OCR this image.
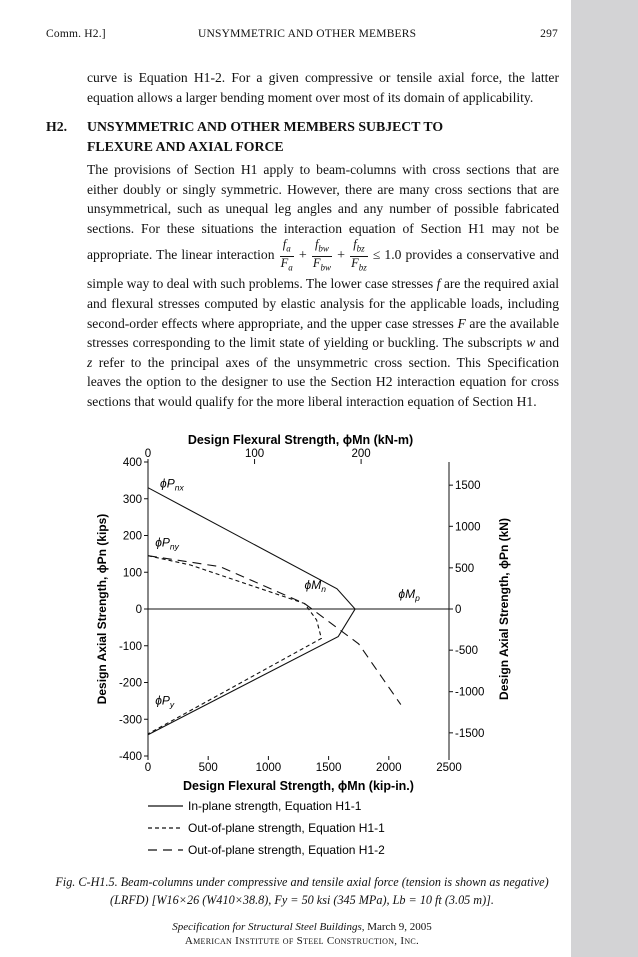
Comm. H2.]	UNSYMMETRIC AND OTHER MEMBERS	297

curve is Equation H1-2. For a given compressive or tensile axial force, the latter equation allows a larger bending moment over most of its domain of applicability.

H2. UNSYMMETRIC AND OTHER MEMBERS SUBJECT TO
FLEXURE AND AXIAL FORCE

The provisions of Section H1 apply to beam-columns with cross sections that are either doubly or singly symmetric. However, there are many cross sections that are unsymmetrical, such as unequal leg angles and any number of possible fabricated sections. For these situations the interaction equation of Section H1 may not be appropriate. The linear interaction $\frac{f_a}{F_a} + \frac{f_{bw}}{F_{bw}} + \frac{f_{bz}}{F_{bz}} \le 1.0$ provides a conservative and simple way to deal with such problems. The lower case stresses f are the required axial and flexural stresses computed by elastic analysis for the applicable loads, including second-order effects where appropriate, and the upper case stresses F are the available stresses corresponding to the limit state of yielding or buckling. The subscripts w and z refer to the principal axes of the unsymmetric cross section. This Specification leaves the option to the designer to use the Section H2 interaction equation for cross sections that would qualify for the more liberal interaction equation of Section H1.

400
300
200
100
0
-100
-200
-300
-400
0	500	1000	1500	2000	2500
0	100	200
1500
1000
500
0
-500
-1000
-1500
$\phi P_{nx}$
$\phi P_{ny}$
$\phi M_n$	$\phi M_p$
$\phi P_y$
Design Flexural Strength, ϕMn (kN-m)
Design Flexural Strength, ϕMn (kip-in.)
Design Axial Strength, ϕPn (kips)	Design Axial Strength, ϕPn (kN)
In-plane strength, Equation H1-1
Out-of-plane strength, Equation H1-1
Out-of-plane strength, Equation H1-2
Fig. C-H1.5. Beam-columns under compressive and tensile axial force (tension is shown as negative) (LRFD) [W16×26 (W410×38.8), Fy = 50 ksi (345 MPa), Lb = 10 ft (3.05 m)].
Specification for Structural Steel Buildings, March 9, 2005
American Institute of Steel Construction, Inc.
